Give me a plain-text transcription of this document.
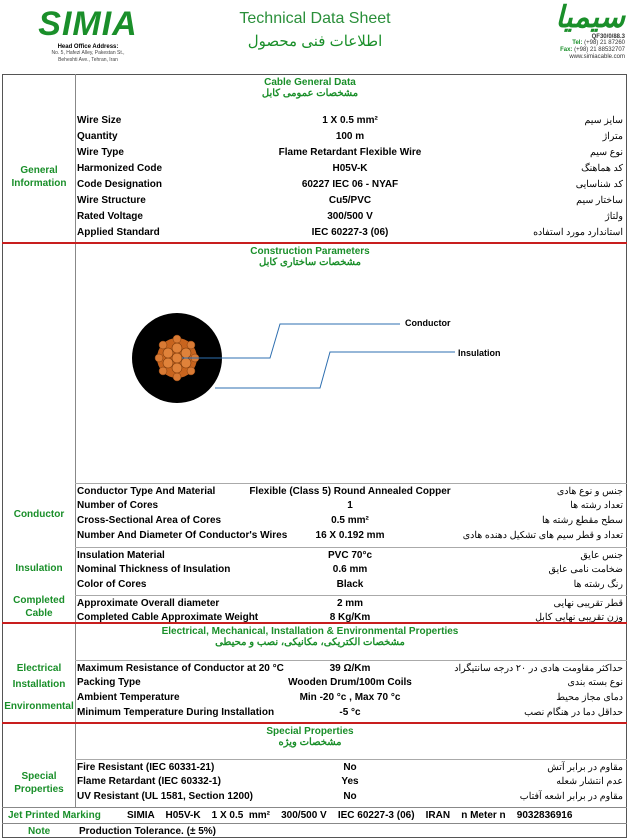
SIMIA
Head Office Address:
No. 5, Hafezi Alley, Pakestan St.,
Beheshti Ave., Tehran, Iran
Technical Data Sheet
اطلاعات فنی محصول
سیمیا
QF30/0/88.3
Tel: (+98) 21 87260
Fax: (+98) 21 88532707
www.simiacable.com
Cable General Data
مشخصات عمومی کابل
General Information
Wire Size	1 X 0.5 mm²	سایز سیم
Quantity	100 m	متراژ
Wire Type	Flame Retardant Flexible Wire	نوع سیم
Harmonized Code	H05V-K	کد هماهنگ
Code Designation	60227 IEC 06 - NYAF	کد شناسایی
Wire Structure	Cu5/PVC	ساختار سیم
Rated Voltage	300/500 V	ولتاژ
Applied Standard	IEC 60227-3 (06)	استاندارد مورد استفاده
Construction Parameters
مشخصات ساختاری کابل
Conductor
Insulation
Conductor
Insulation
Completed Cable
Conductor Type And Material	Flexible (Class 5) Round Annealed Copper	جنس و نوع هادی
Number of Cores	1	تعداد رشته ها
Cross-Sectional Area of Cores	0.5 mm²	سطح مقطع رشته ها
Number And Diameter Of Conductor's Wires	16 X 0.192 mm	تعداد و قطر سیم های تشکیل دهنده هادی
Insulation Material	PVC 70°c	جنس عایق
Nominal Thickness of Insulation	0.6 mm	ضخامت نامی عایق
Color of Cores	Black	رنگ رشته ها
Approximate Overall diameter	2 mm	قطر تقریبی نهایی
Completed Cable Approximate Weight	8 Kg/Km	وزن تقریبی نهایی کابل
Electrical, Mechanical, Installation & Environmental Properties
مشخصات الکتریکی، مکانیکی، نصب و محیطی
Electrical
Installation
Environmental
Maximum Resistance of Conductor at 20 °C	39 Ω/Km	حداکثر مقاومت هادی در ۲۰ درجه سانتیگراد
Packing Type	Wooden Drum/100m Coils	نوع بسته بندی
Ambient Temperature	Min -20 °c , Max 70 °c	دمای مجاز محیط
Minimum Temperature During Installation	-5 °c	حداقل دما در هنگام نصب
Special Properties
مشخصات ویژه
Special Properties
Fire Resistant (IEC 60331-21)	No	مقاوم در برابر آتش
Flame Retardant (IEC 60332-1)	Yes	عدم انتشار شعله
UV Resistant (UL 1581, Section 1200)	No	مقاوم در برابر اشعه آفتاب
Jet Printed Marking	SIMIA    H05V-K    1 X 0.5  mm²    300/500 V    IEC 60227-3 (06)    IRAN    n Meter n    9032836916
Note	Production Tolerance. (± 5%)
